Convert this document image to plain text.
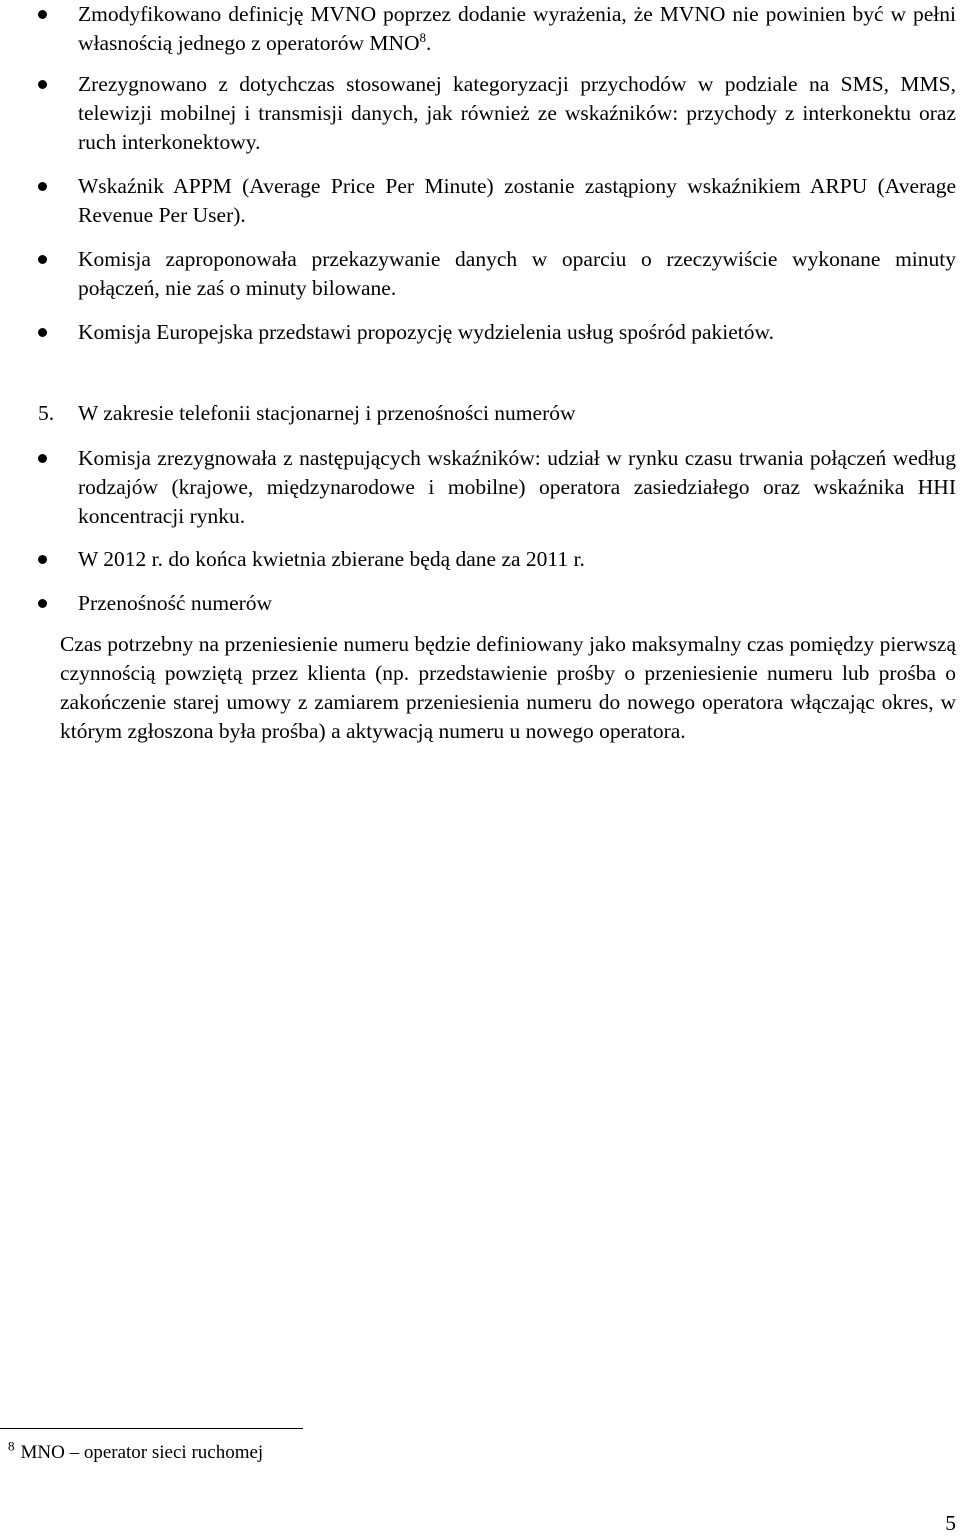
Zmodyfikowano definicję MVNO poprzez dodanie wyrażenia, że MVNO nie powinien być w pełni własnością jednego z operatorów MNO$^8$.
Zrezygnowano z dotychczas stosowanej kategoryzacji przychodów w podziale na SMS, MMS, telewizji mobilnej i transmisji danych, jak również ze wskaźników: przychody z interkonektu oraz ruch interkonektowy.
Wskaźnik APPM (Average Price Per Minute) zostanie zastąpiony wskaźnikiem ARPU (Average Revenue Per User).
Komisja zaproponowała przekazywanie danych w oparciu o rzeczywiście wykonane minuty połączeń, nie zaś o minuty bilowane.
Komisja Europejska przedstawi propozycję wydzielenia usług spośród pakietów.
5. W zakresie telefonii stacjonarnej i przenośności numerów
Komisja zrezygnowała z następujących wskaźników: udział w rynku czasu trwania połączeń według rodzajów (krajowe, międzynarodowe i mobilne) operatora zasiedziałego oraz wskaźnika HHI koncentracji rynku.
W 2012 r. do końca kwietnia zbierane będą dane za 2011 r.
Przenośność numerów
Czas potrzebny na przeniesienie numeru będzie definiowany jako maksymalny czas pomiędzy pierwszą czynnością powziętą przez klienta (np. przedstawienie prośby o przeniesienie numeru lub prośba o zakończenie starej umowy z zamiarem przeniesienia numeru do nowego operatora włączając okres, w którym zgłoszona była prośba) a aktywacją numeru u nowego operatora.
$^8$ MNO – operator sieci ruchomej
5
